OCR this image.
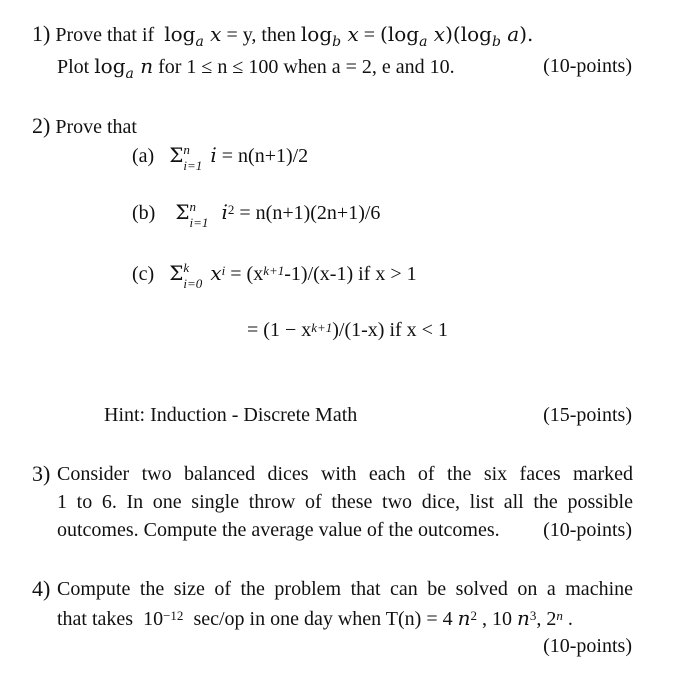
1) Prove that if $\log_a x = y$, then $\log_b x = (\log_a$ $x)(\log_b$ a).
Plot $\log_a n$ for 1 ≤ n ≤ 100 when a = 2, e and 10.	(10-points)
2) Prove that
(a) Σ n
i=1 i = n(n+1)/2
(b) Σ n
i=1 $i^2 = n(n+1)(2n+1)/6$
(c) Σ k
i=0 $x^i = (x^{k+1}-1)/(x-1)$ if x > 1
= $(1 - x^{k+1})/(1-x)$ if x < 1
Hint: Induction - Discrete Math	(15-points)
3) Consider two balanced dices with each of the six faces marked
1 to 6. In one single throw of these two dice, list all the possible
outcomes. Compute the average value of the outcomes. (10-points)
4) Compute the size of the problem that can be solved on a machine
that takes $10^{-12}$ sec/op in one day when T(n) = 4 $n^2$ , 10 $n^3$, 2$^n$ .
(10-points)
